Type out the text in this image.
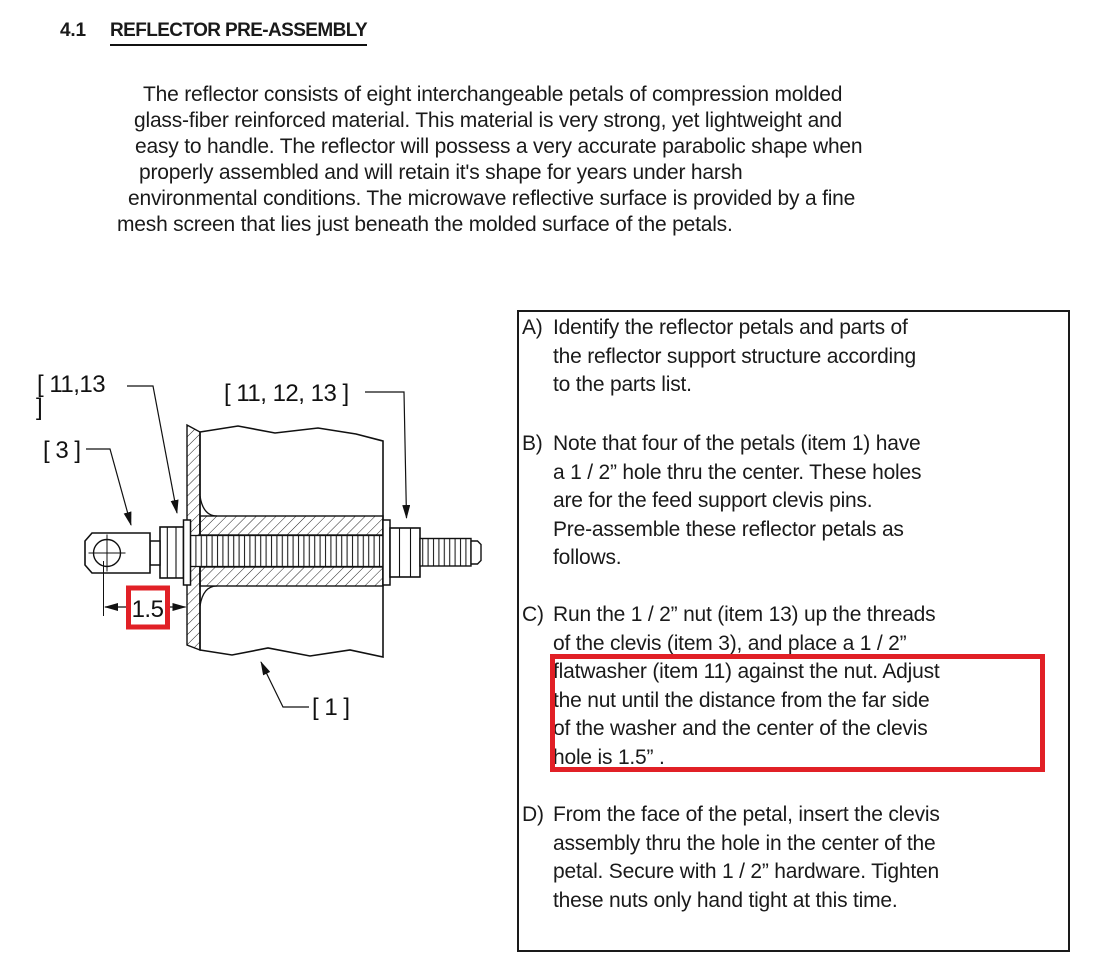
4.1 REFLECTOR PRE-ASSEMBLY
The reflector consists of eight interchangeable petals of compression molded
glass-fiber reinforced material. This material is very strong, yet lightweight and
easy to handle. The reflector will possess a very accurate parabolic shape when
properly assembled and will retain it's shape for years under harsh
environmental conditions. The microwave reflective surface is provided by a fine
mesh screen that lies just beneath the molded surface of the petals.
1.5
[ 11,13
]
[ 11, 12, 13 ]
[ 3 ]
[ 1 ]
A) Identify the reflector petals and parts of
the reflector support structure according
to the parts list.
B) Note that four of the petals (item 1) have
a 1 / 2” hole thru the center. These holes
are for the feed support clevis pins.
Pre-assemble these reflector petals as
follows.
C) Run the 1 / 2” nut (item 13) up the threads
of the clevis (item 3), and place a 1 / 2”
flatwasher (item 11) against the nut. Adjust
the nut until the distance from the far side
of the washer and the center of the clevis
hole is 1.5” .
D) From the face of the petal, insert the clevis
assembly thru the hole in the center of the
petal. Secure with 1 / 2” hardware. Tighten
these nuts only hand tight at this time.
